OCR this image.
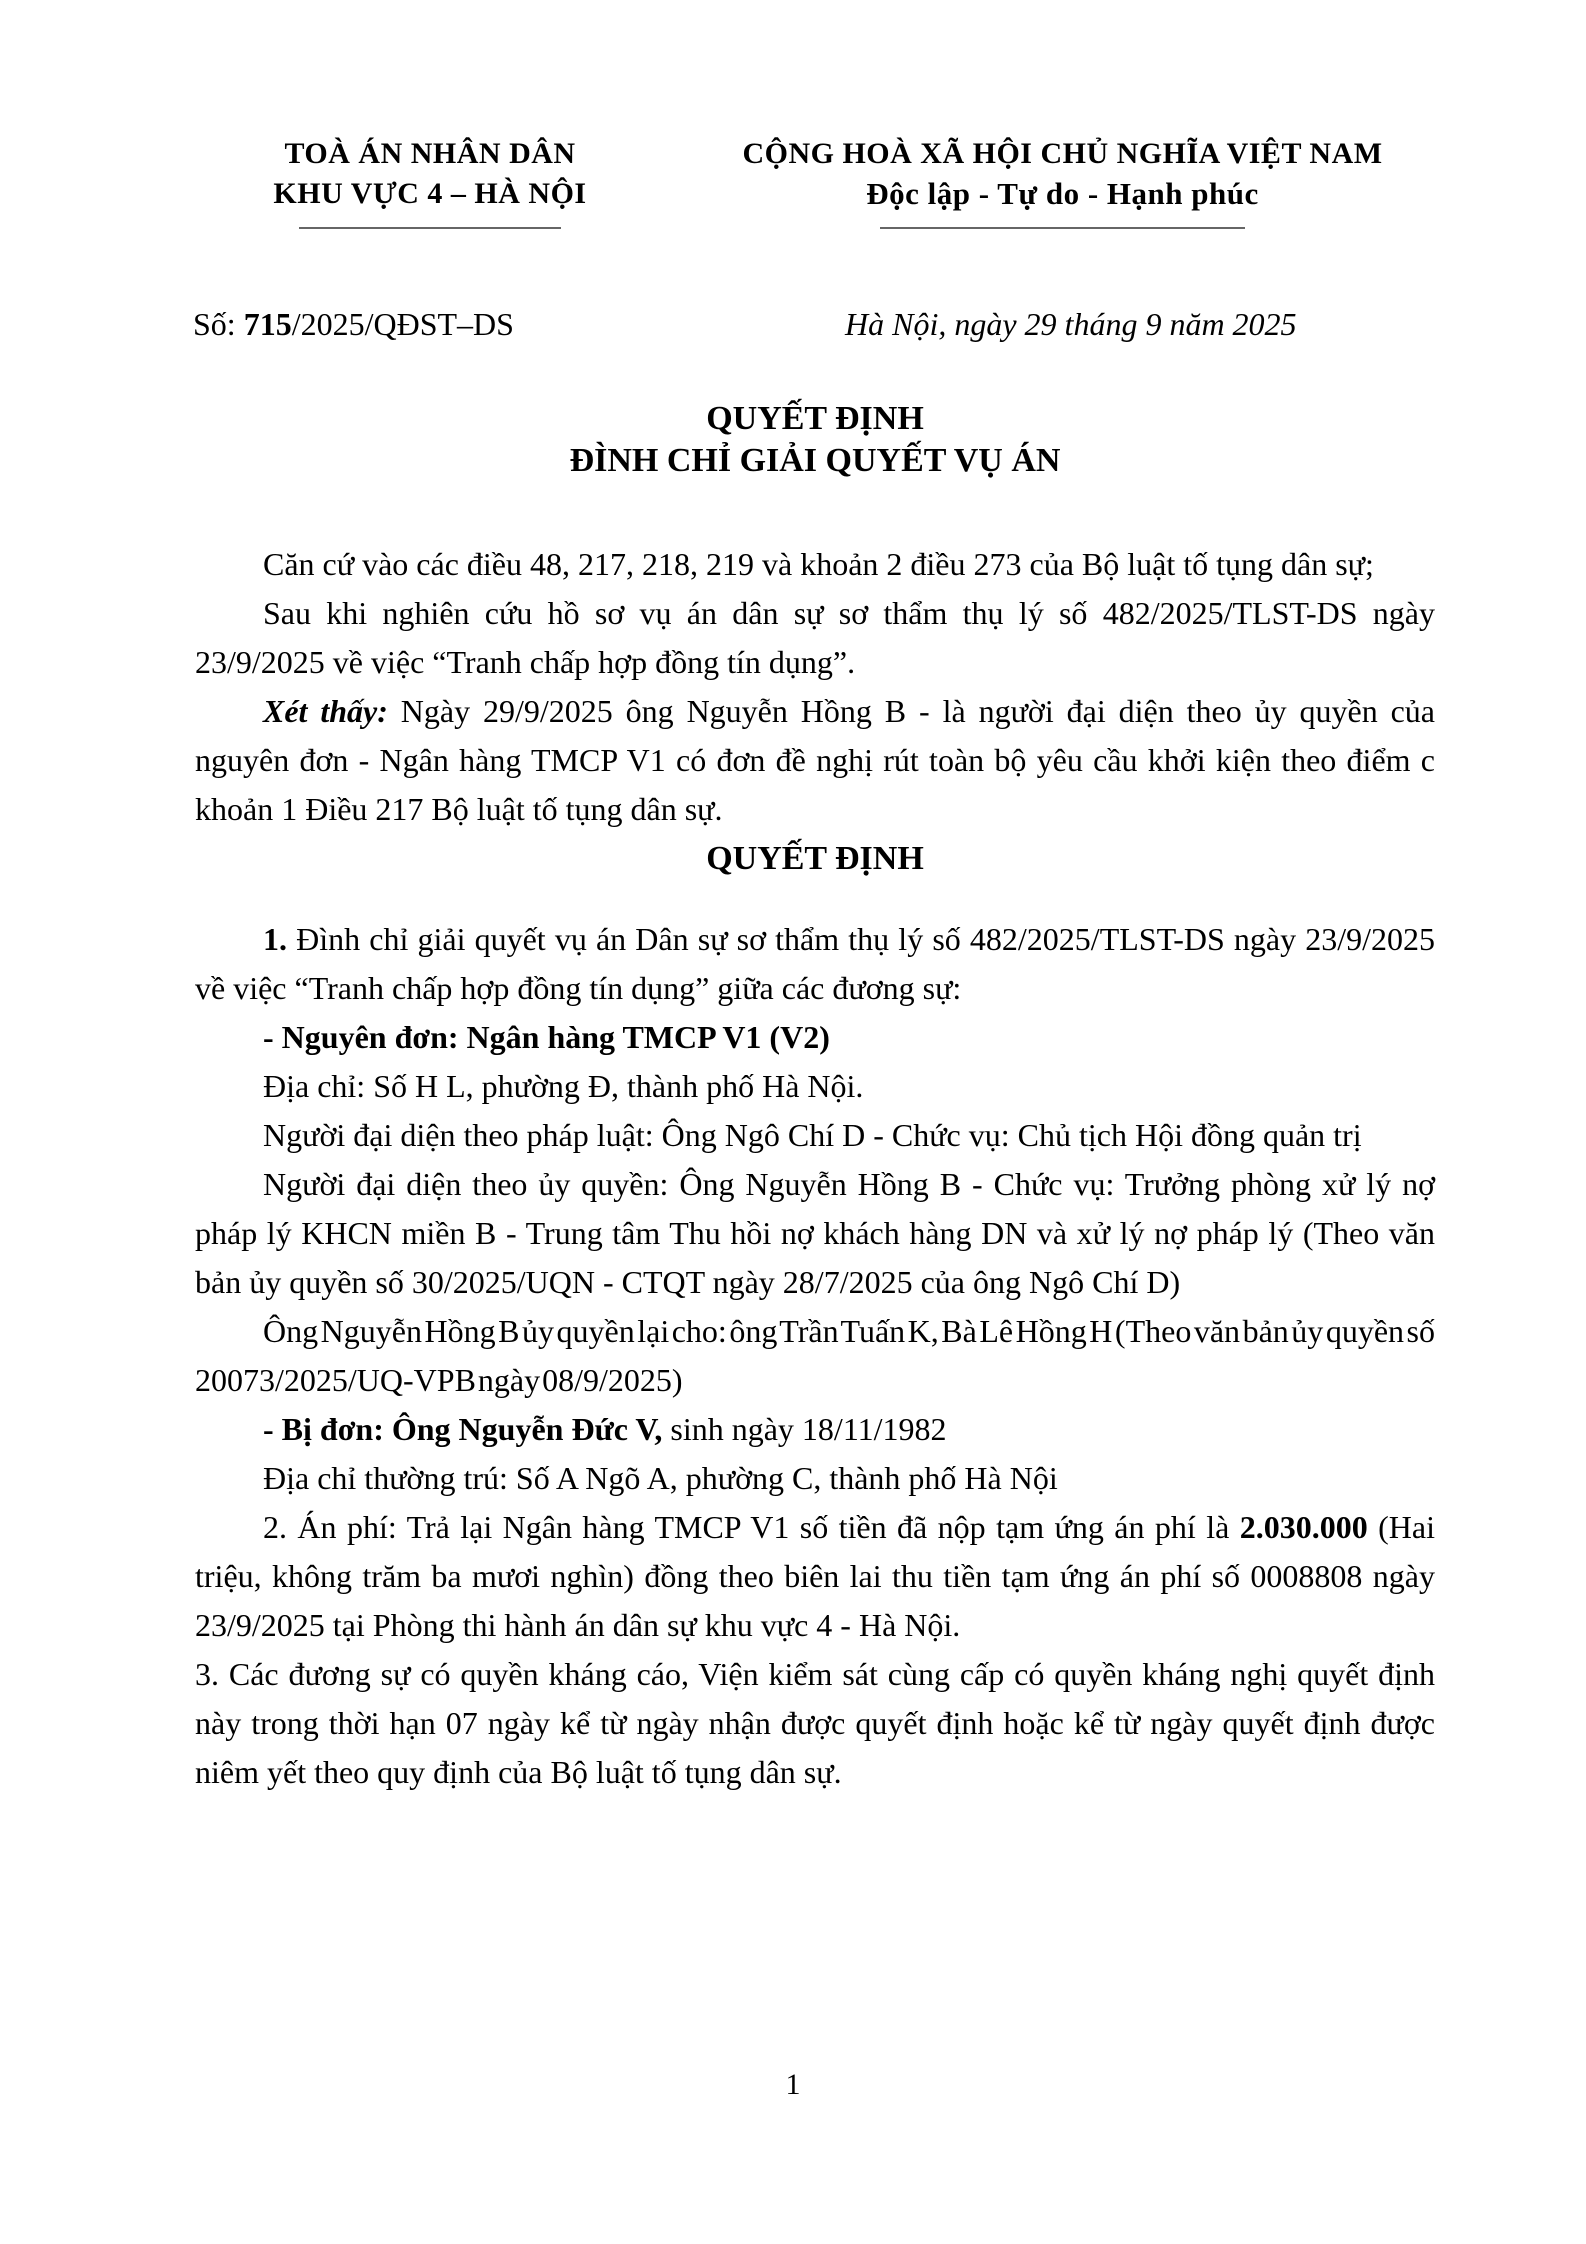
TOÀ ÁN NHÂN DÂN
KHU VỰC 4 – HÀ NỘI
CỘNG HOÀ XÃ HỘI CHỦ NGHĨA VIỆT NAM
Độc lập - Tự do - Hạnh phúc
Số: 715/2025/QĐST–DS	Hà Nội, ngày 29 tháng 9 năm 2025
QUYẾT ĐỊNH
ĐÌNH CHỈ GIẢI QUYẾT VỤ ÁN

Căn cứ vào các điều 48, 217, 218, 219 và khoản 2 điều 273 của Bộ luật tố tụng dân sự;

Sau khi nghiên cứu hồ sơ vụ án dân sự sơ thẩm thụ lý số 482/2025/TLST-DS ngày 23/9/2025 về việc “Tranh chấp hợp đồng tín dụng”.

Xét thấy: Ngày 29/9/2025 ông Nguyễn Hồng B - là người đại diện theo ủy quyền của nguyên đơn - Ngân hàng TMCP V1 có đơn đề nghị rút toàn bộ yêu cầu khởi kiện theo điểm c khoản 1 Điều 217 Bộ luật tố tụng dân sự.

QUYẾT ĐỊNH

1. Đình chỉ giải quyết vụ án Dân sự sơ thẩm thụ lý số 482/2025/TLST-DS ngày 23/9/2025 về việc “Tranh chấp hợp đồng tín dụng” giữa các đương sự:

- Nguyên đơn: Ngân hàng TMCP V1 (V2)

Địa chỉ: Số H L, phường Đ, thành phố Hà Nội.

Người đại diện theo pháp luật: Ông Ngô Chí D - Chức vụ: Chủ tịch Hội đồng quản trị

Người đại diện theo ủy quyền: Ông Nguyễn Hồng B - Chức vụ: Trưởng phòng xử lý nợ pháp lý KHCN miền B - Trung tâm Thu hồi nợ khách hàng DN và xử lý nợ pháp lý (Theo văn bản ủy quyền số 30/2025/UQN - CTQT ngày 28/7/2025 của ông Ngô Chí D)

Ông Nguyễn Hồng B ủy quyền lại cho: ông Trần Tuấn K, Bà Lê Hồng H (Theo văn bản ủy quyền số 20073/2025/UQ-VPB ngày 08/9/2025)

- Bị đơn: Ông Nguyễn Đức V, sinh ngày 18/11/1982

Địa chỉ thường trú: Số A Ngõ A, phường C, thành phố Hà Nội

2. Án phí: Trả lại Ngân hàng TMCP V1 số tiền đã nộp tạm ứng án phí là 2.030.000 (Hai triệu, không trăm ba mươi nghìn) đồng theo biên lai thu tiền tạm ứng án phí số 0008808 ngày 23/9/2025 tại Phòng thi hành án dân sự khu vực 4 - Hà Nội.

3. Các đương sự có quyền kháng cáo, Viện kiểm sát cùng cấp có quyền kháng nghị quyết định này trong thời hạn 07 ngày kể từ ngày nhận được quyết định hoặc kể từ ngày quyết định được niêm yết theo quy định của Bộ luật tố tụng dân sự.

1
